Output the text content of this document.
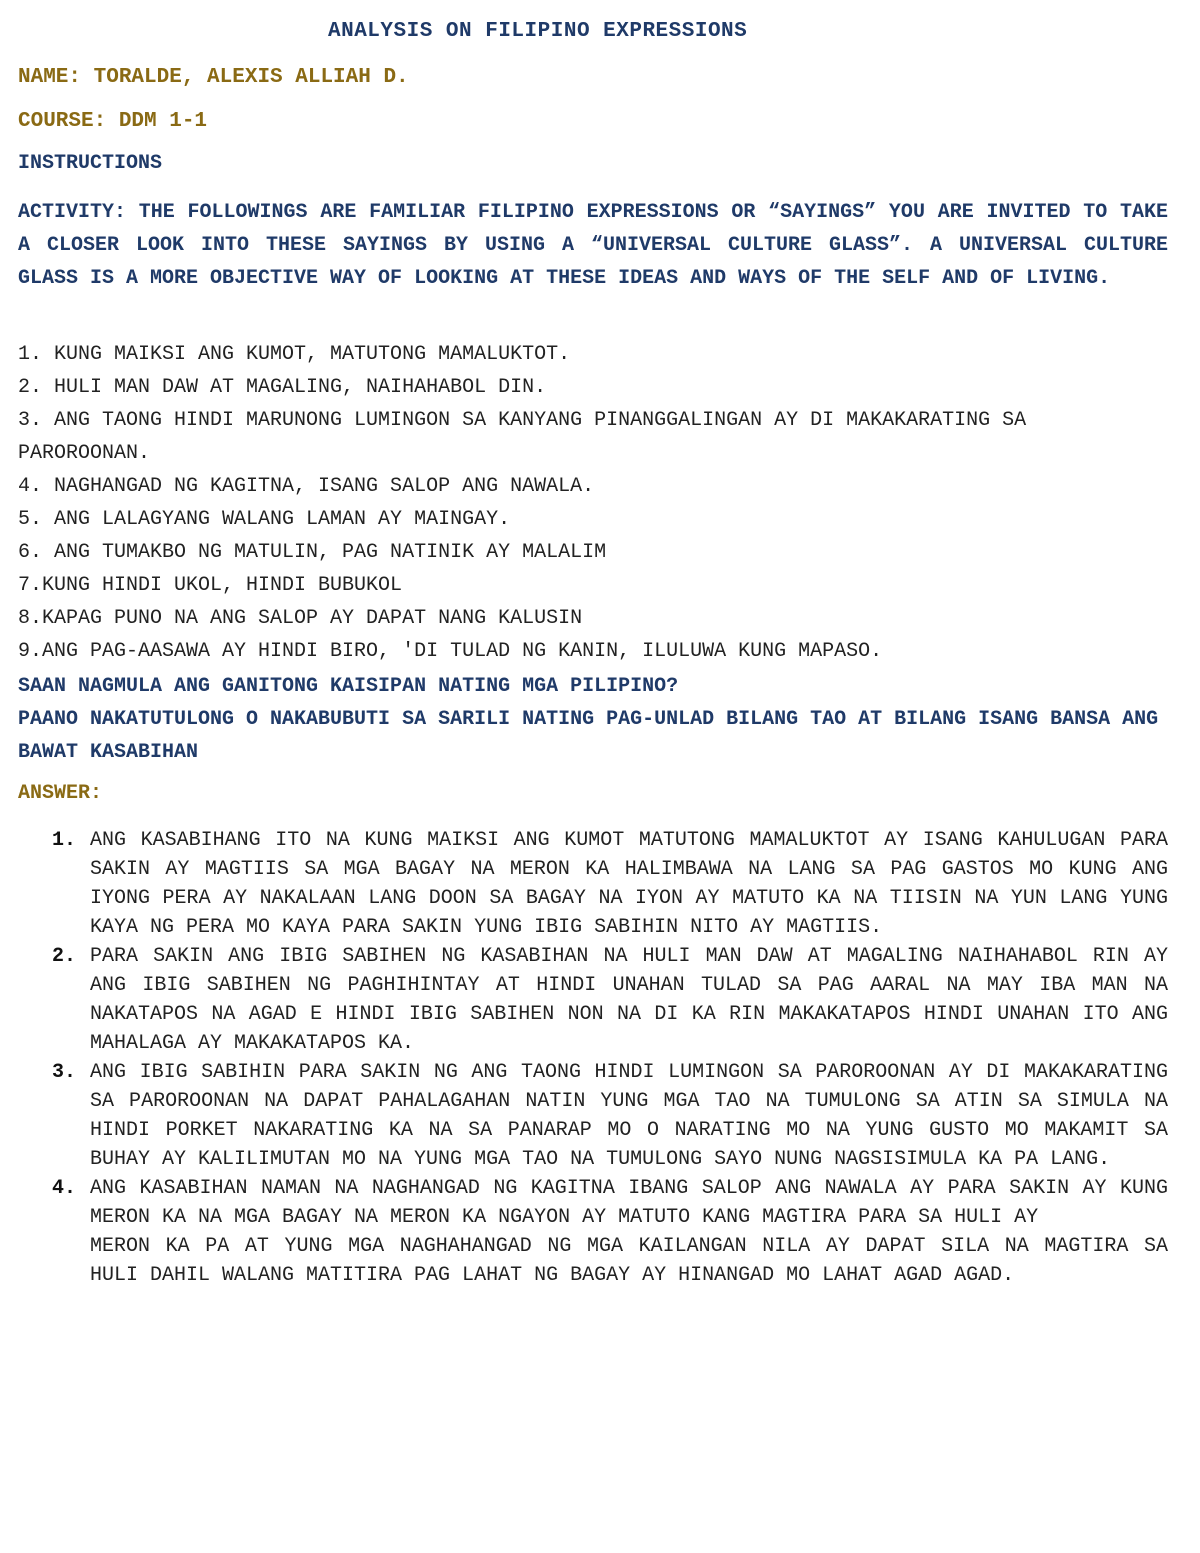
ANALYSIS ON FILIPINO EXPRESSIONS
NAME: TORALDE, ALEXIS ALLIAH D.
COURSE: DDM 1-1
INSTRUCTIONS
ACTIVITY: THE FOLLOWINGS ARE FAMILIAR FILIPINO EXPRESSIONS OR “SAYINGS” YOU ARE INVITED TO TAKE A CLOSER LOOK INTO THESE SAYINGS BY USING A “UNIVERSAL CULTURE GLASS”. A UNIVERSAL CULTURE GLASS IS A MORE OBJECTIVE WAY OF LOOKING AT THESE IDEAS AND WAYS OF THE SELF AND OF LIVING.
1. KUNG MAIKSI ANG KUMOT, MATUTONG MAMALUKTOT.
2. HULI MAN DAW AT MAGALING, NAIHAHABOL DIN.
3. ANG TAONG HINDI MARUNONG LUMINGON SA KANYANG PINANGGALINGAN AY DI MAKAKARATING SA PAROROONAN.
4. NAGHANGAD NG KAGITNA, ISANG SALOP ANG NAWALA.
5. ANG LALAGYANG WALANG LAMAN AY MAINGAY.
6. ANG TUMAKBO NG MATULIN, PAG NATINIK AY MALALIM
7.KUNG HINDI UKOL, HINDI BUBUKOL
8.KAPAG PUNO NA ANG SALOP AY DAPAT NANG KALUSIN
9.ANG PAG-AASAWA AY HINDI BIRO, 'DI TULAD NG KANIN, ILULUWA KUNG MAPASO.
SAAN NAGMULA ANG GANITONG KAISIPAN NATING MGA PILIPINO?
PAANO NAKATUTULONG O NAKABUBUTI SA SARILI NATING PAG-UNLAD BILANG TAO AT BILANG ISANG BANSA ANG BAWAT KASABIHAN
ANSWER:
1. ANG KASABIHANG ITO NA KUNG MAIKSI ANG KUMOT MATUTONG MAMALUKTOT AY ISANG KAHULUGAN PARA SAKIN AY MAGTIIS SA MGA BAGAY NA MERON KA HALIMBAWA NA LANG SA PAG GASTOS MO KUNG ANG IYONG PERA AY NAKALAAN LANG DOON SA BAGAY NA IYON AY MATUTO KA NA TIISIN NA YUN LANG YUNG KAYA NG PERA MO KAYA PARA SAKIN YUNG IBIG SABIHIN NITO AY MAGTIIS.

2. PARA SAKIN ANG IBIG SABIHEN NG KASABIHAN NA HULI MAN DAW AT MAGALING NAIHAHABOL RIN AY ANG IBIG SABIHEN NG PAGHIHINTAY AT HINDI UNAHAN TULAD SA PAG AARAL NA MAY IBA MAN NA NAKATAPOS NA AGAD E HINDI IBIG SABIHEN NON NA DI KA RIN MAKAKATAPOS HINDI UNAHAN ITO ANG MAHALAGA AY MAKAKATAPOS KA.

3. ANG IBIG SABIHIN PARA SAKIN NG ANG TAONG HINDI LUMINGON SA PAROROONAN AY DI MAKAKARATING SA PAROROONAN NA DAPAT PAHALAGAHAN NATIN YUNG MGA TAO NA TUMULONG SA ATIN SA SIMULA NA HINDI PORKET NAKARATING KA NA SA PANARAP MO O NARATING MO NA YUNG GUSTO MO MAKAMIT SA BUHAY AY KALILIMUTAN MO NA YUNG MGA TAO NA TUMULONG SAYO NUNG NAGSISIMULA KA PA LANG.

4. ANG KASABIHAN NAMAN NA NAGHANGAD NG KAGITNA IBANG SALOP ANG NAWALA AY PARA SAKIN AY KUNG MERON KA NA MGA BAGAY NA MERON KA NGAYON AY MATUTO KANG MAGTIRA PARA SA HULI AY

MERON KA PA AT YUNG MGA NAGHAHANGAD NG MGA KAILANGAN NILA AY DAPAT SILA NA MAGTIRA SA HULI DAHIL WALANG MATITIRA PAG LAHAT NG BAGAY AY HINANGAD MO LAHAT AGAD AGAD.
